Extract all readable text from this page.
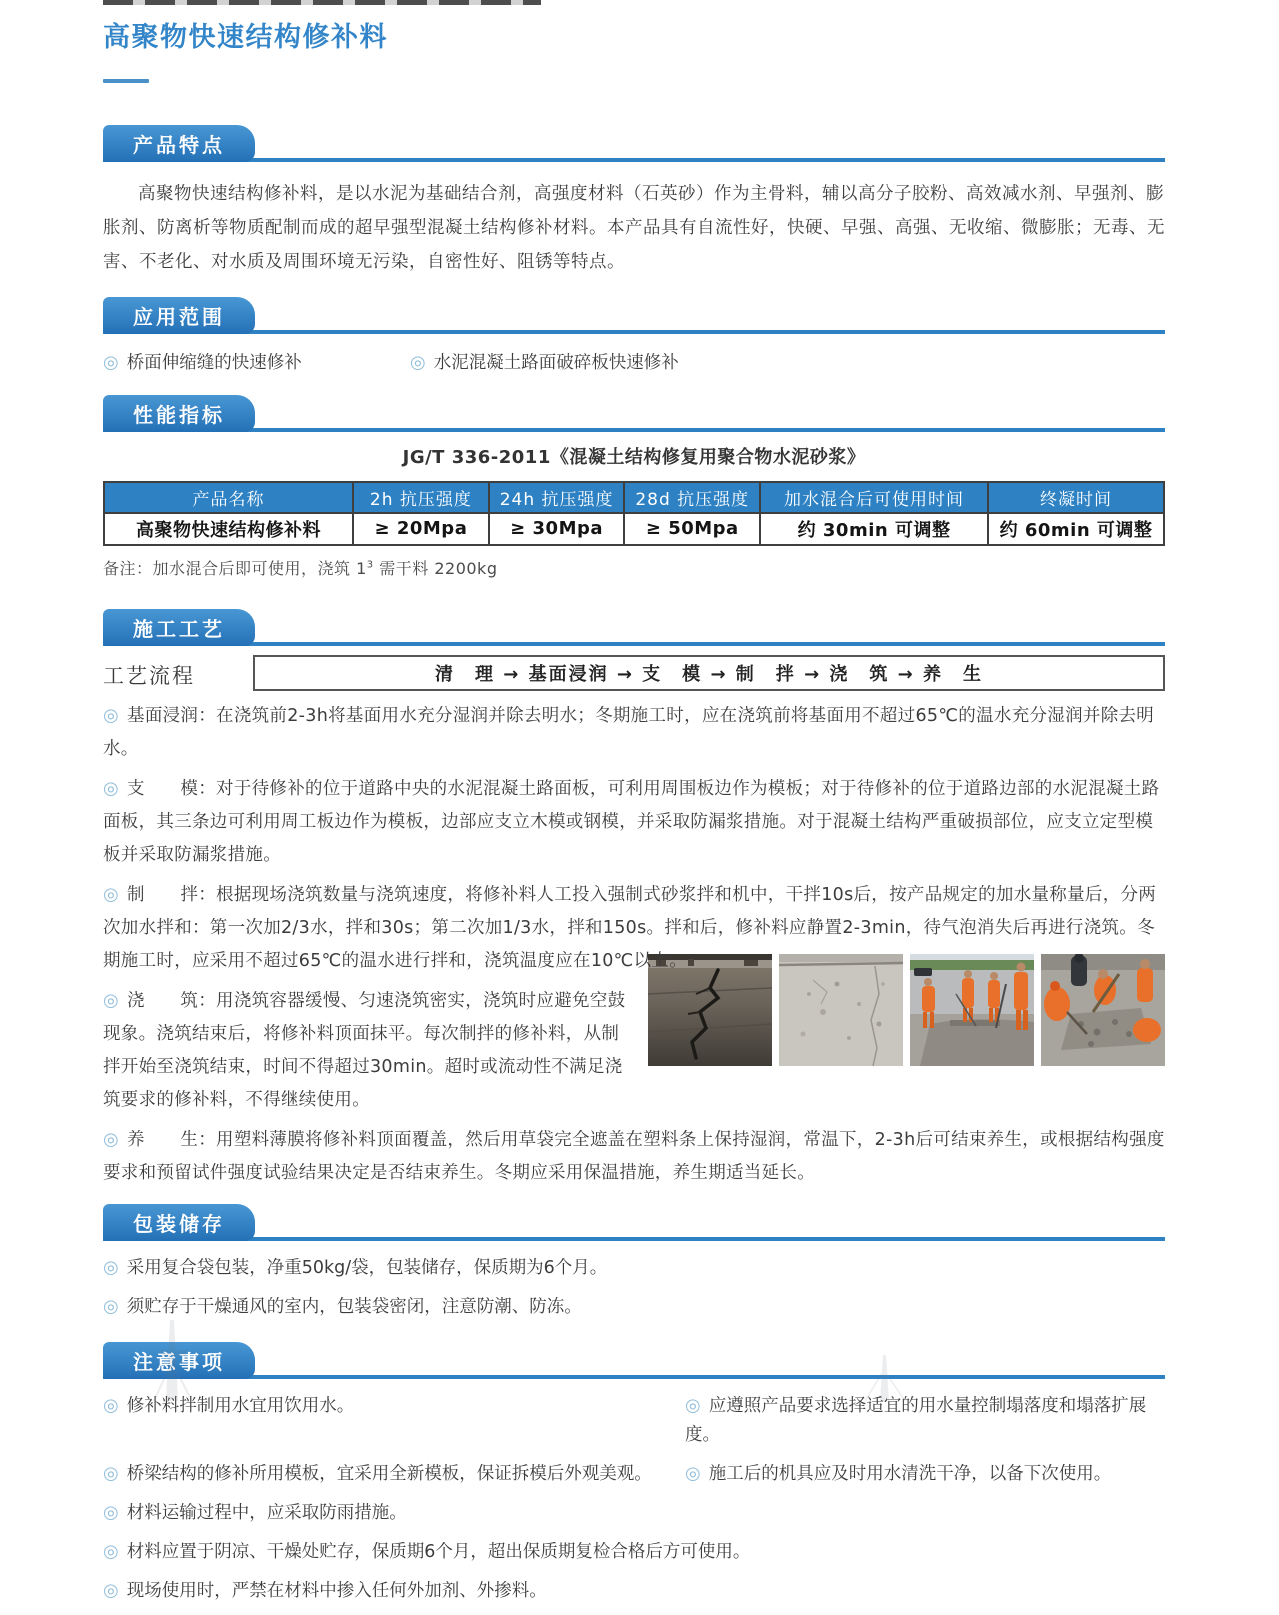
高聚物快速结构修补料
产品特点

高聚物快速结构修补料，是以水泥为基础结合剂，高强度材料（石英砂）作为主骨料，辅以高分子胶粉、高效减水剂、早强剂、膨胀剂、防离析等物质配制而成的超早强型混凝土结构修补材料。本产品具有自流性好，快硬、早强、高强、无收缩、微膨胀；无毒、无害、不老化、对水质及周围环境无污染，自密性好、阻锈等特点。

应用范围
◎ 桥面伸缩缝的快速修补 ◎	水泥混凝土路面破碎板快速修补
性能指标
JG/T 336-2011《混凝土结构修复用聚合物水泥砂浆》
产品名称	2h 抗压强度	24h 抗压强度	28d 抗压强度	加水混合后可使用时间	终凝时间
高聚物快速结构修补料	≥ 20Mpa	≥ 30Mpa	≥ 50Mpa	约 30min 可调整	约 60min 可调整
备注：加水混合后即可使用，浇筑 $1^3$ 需干料 2200kg
施工工艺
工艺流程	清　理 → 基面浸润 → 支　模 → 制　拌 → 浇　筑 → 养　生

◎ 基面浸润：在浇筑前2-3h将基面用水充分湿润并除去明水；冬期施工时，应在浇筑前将基面用不超过65℃的温水充分湿润并除去明水。

◎ 支　　模：对于待修补的位于道路中央的水泥混凝土路面板，可利用周围板边作为模板；对于待修补的位于道路边部的水泥混凝土路面板，其三条边可利用周工板边作为模板，边部应支立木模或钢模，并采取防漏浆措施。对于混凝土结构严重破损部位，应支立定型模板并采取防漏浆措施。

◎ 制　　拌：根据现场浇筑数量与浇筑速度，将修补料人工投入强制式砂浆拌和机中，干拌10s后，按产品规定的加水量称量后，分两次加水拌和：第一次加2/3水，拌和30s；第二次加1/3水，拌和150s。拌和后，修补料应静置2-3min，待气泡消失后再进行浇筑。冬期施工时，应采用不超过65℃的温水进行拌和，浇筑温度应在10℃以上。

◎ 浇　　筑：用浇筑容器缓慢、匀速浇筑密实，浇筑时应避免空鼓现象。浇筑结束后，将修补料顶面抹平。每次制拌的修补料，从制拌开始至浇筑结束，时间不得超过30min。超时或流动性不满足浇筑要求的修补料，不得继续使用。

◎ 养　　生：用塑料薄膜将修补料顶面覆盖，然后用草袋完全遮盖在塑料条上保持湿润，常温下，2-3h后可结束养生，或根据结构强度要求和预留试件强度试验结果决定是否结束养生。冬期应采用保温措施，养生期适当延长。

包装储存

◎ 采用复合袋包装，净重50kg/袋，包装储存，保质期为6个月。

◎ 须贮存于干燥通风的室内，包装袋密闭，注意防潮、防冻。

注意事项

◎ 修补料拌制用水宜用饮用水。 ◎	应遵照产品要求选择适宜的用水量控制塌落度和塌落扩展度。

◎ 桥梁结构的修补所用模板，宜采用全新模板，保证拆模后外观美观。 ◎	施工后的机具应及时用水清洗干净，以备下次使用。

◎ 材料运输过程中，应采取防雨措施。

◎ 材料应置于阴凉、干燥处贮存，保质期6个月，超出保质期复检合格后方可使用。

◎ 现场使用时，严禁在材料中掺入任何外加剂、外掺料。
